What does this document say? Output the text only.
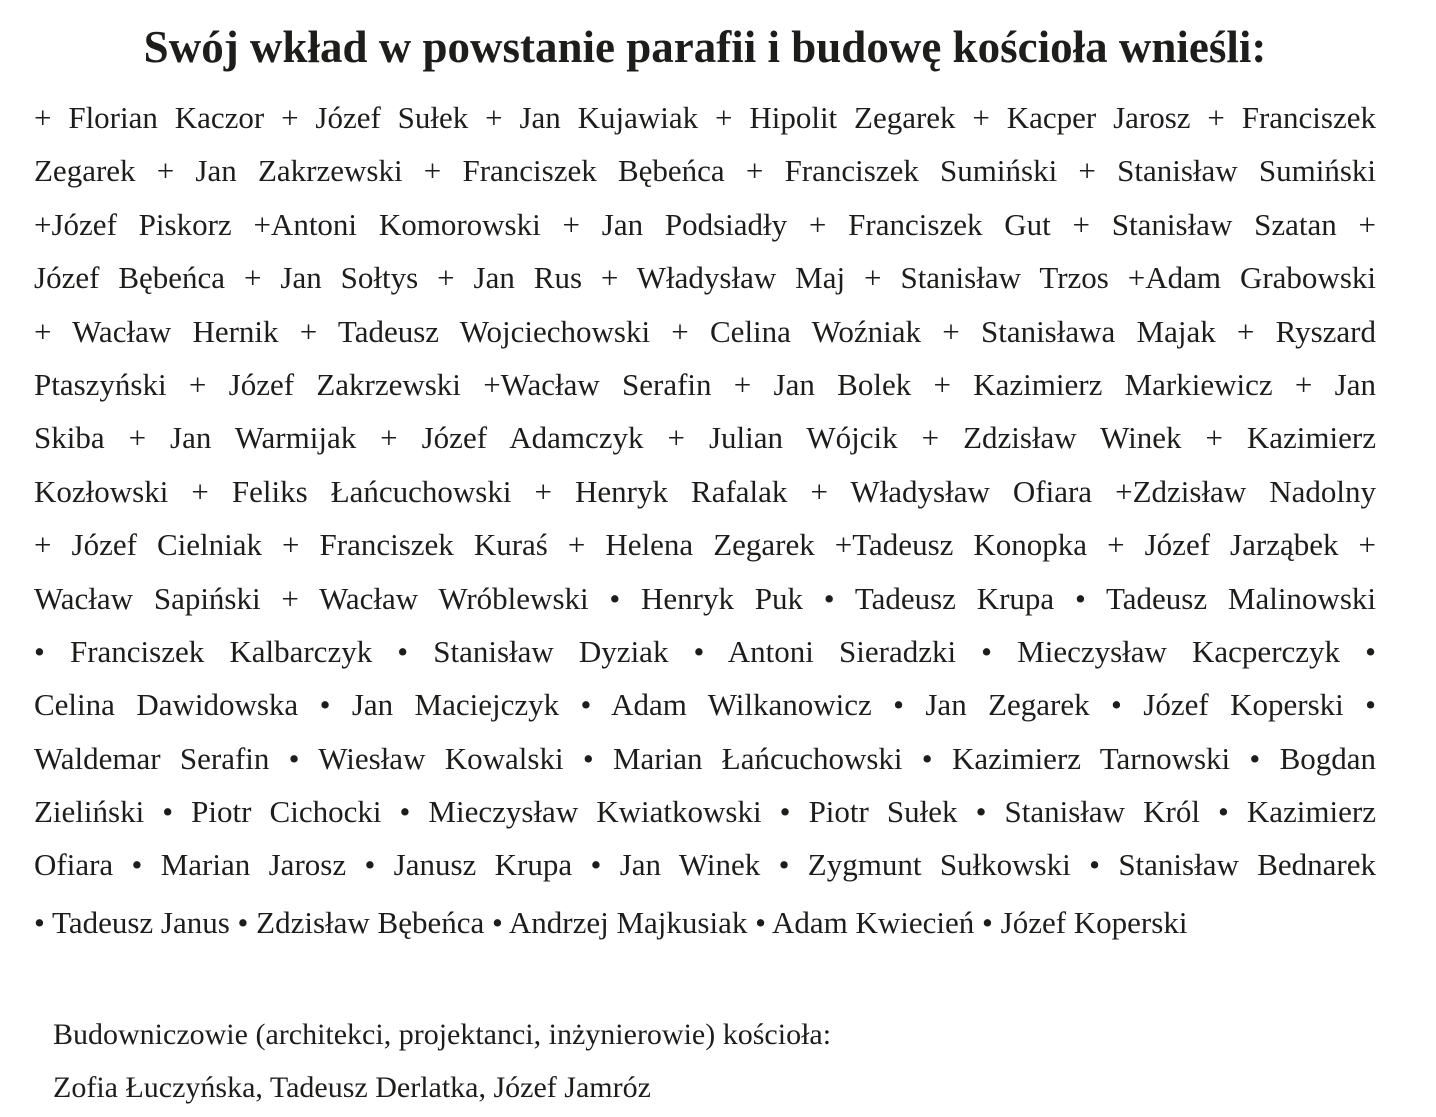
Swój wkład w powstanie parafii i budowę kościoła wnieśli:
+ Florian Kaczor + Józef Sułek + Jan Kujawiak + Hipolit Zegarek + Kacper Jarosz + Franciszek
Zegarek + Jan Zakrzewski + Franciszek Bębeńca + Franciszek Sumiński + Stanisław Sumiński
+Józef Piskorz +Antoni Komorowski + Jan Podsiadły + Franciszek Gut + Stanisław Szatan +
Józef Bębeńca + Jan Sołtys + Jan Rus + Władysław Maj + Stanisław Trzos +Adam Grabowski
+ Wacław Hernik + Tadeusz Wojciechowski + Celina Woźniak + Stanisława Majak + Ryszard
Ptaszyński + Józef Zakrzewski +Wacław Serafin + Jan Bolek + Kazimierz Markiewicz + Jan
Skiba + Jan Warmijak + Józef Adamczyk + Julian Wójcik + Zdzisław Winek + Kazimierz
Kozłowski + Feliks Łańcuchowski + Henryk Rafalak + Władysław Ofiara +Zdzisław Nadolny
+ Józef Cielniak + Franciszek Kuraś + Helena Zegarek +Tadeusz Konopka + Józef Jarząbek +
Wacław Sapiński + Wacław Wróblewski • Henryk Puk • Tadeusz Krupa • Tadeusz Malinowski
• Franciszek Kalbarczyk • Stanisław Dyziak • Antoni Sieradzki • Mieczysław Kacperczyk •
Celina Dawidowska • Jan Maciejczyk • Adam Wilkanowicz • Jan Zegarek • Józef Koperski •
Waldemar Serafin • Wiesław Kowalski • Marian Łańcuchowski • Kazimierz Tarnowski • Bogdan
Zieliński • Piotr Cichocki • Mieczysław Kwiatkowski • Piotr Sułek • Stanisław Król • Kazimierz
Ofiara • Marian Jarosz • Janusz Krupa • Jan Winek • Zygmunt Sułkowski • Stanisław Bednarek
• Tadeusz Janus • Zdzisław Bębeńca • Andrzej Majkusiak • Adam Kwiecień • Józef Koperski
Budowniczowie (architekci, projektanci, inżynierowie) kościoła:
Zofia Łuczyńska, Tadeusz Derlatka, Józef Jamróz
